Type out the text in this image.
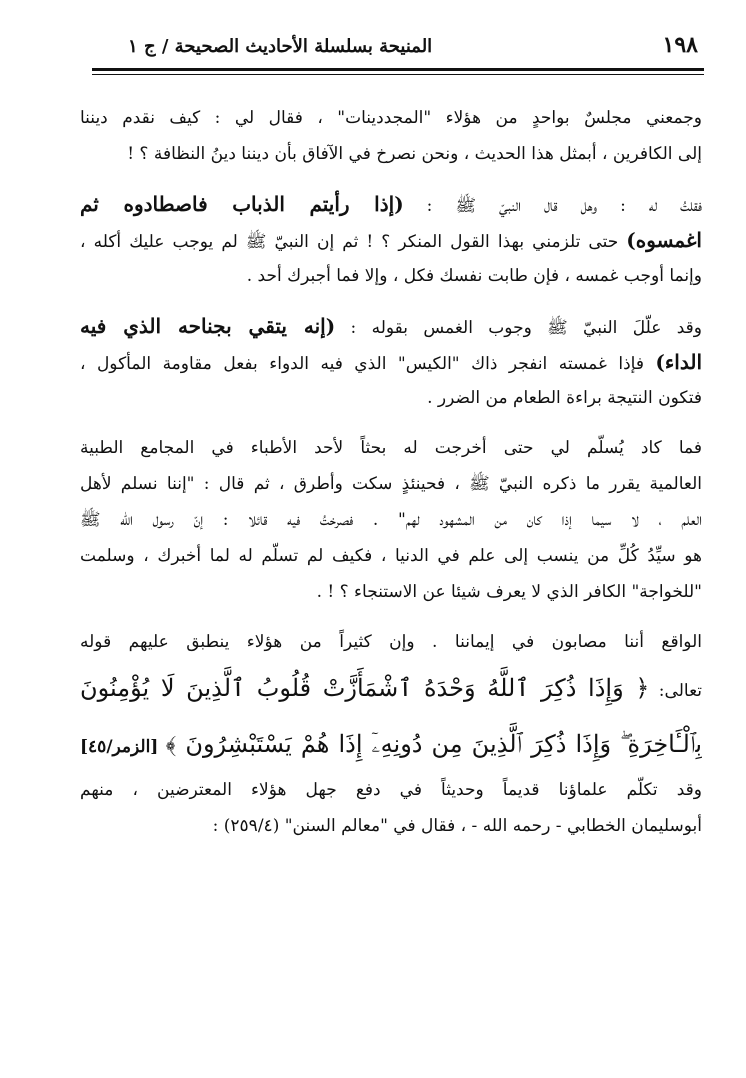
١٩٨
المنيحة بسلسلة الأحاديث الصحيحة / ج ١
وجمعني مجلسٌ بواحدٍ من هؤلاء "المجددينات" ، فقال لي : كيف نقدم ديننا
إلى الكافرين ، أبمثل هذا الحديث ، ونحن نصرخ في الآفاق بأن ديننا دينُ النظافة ؟ !
فقلتُ له : وهل قال النبيّ ﷺ : (إذا رأيتم الذباب فاصطادوه ثم
اغمسوه) حتى تلزمني بهذا القول المنكر ؟ ! ثم إن النبيّ ﷺ لم يوجب عليك أكله ،
وإنما أوجب غمسه ، فإن طابت نفسك فكل ، وإلا فما أجبرك أحد .
وقد علّلَ النبيّ ﷺ وجوب الغمس بقوله : (إنه يتقي بجناحه الذي فيه
الداء) فإذا غمسته انفجر ذاك "الكيس" الذي فيه الدواء بفعل مقاومة المأكول ،
فتكون النتيجة براءة الطعام من الضرر .
فما كاد يُسلّم لي حتى أخرجت له بحثاً لأحد الأطباء في المجامع الطبية
العالمية يقرر ما ذكره النبيّ ﷺ ، فحينئذٍ سكت وأطرق ، ثم قال : "إننا نسلم لأهل
العلم ، لا سيما إذا كان من المشهود لهم" . فصرختُ فيه قائلا : إنّ رسول الله ﷺ
هو سيِّدُ كُلِّ من ينسب إلى علم في الدنيا ، فكيف لم تسلّم له لما أخبرك ، وسلمت
"للخواجة" الكافر الذي لا يعرف شيئا عن الاستنجاء ؟ ! .
الواقع أننا مصابون في إيماننا . وإن كثيراً من هؤلاء ينطبق عليهم قوله
تعالى: ﴿ وَإِذَا ذُكِرَ ٱللَّهُ وَحْدَهُ ٱشْمَأَزَّتْ قُلُوبُ ٱلَّذِينَ لَا يُؤْمِنُونَ
بِٱلْـَٔاخِرَةِ ۖ وَإِذَا ذُكِرَ ٱلَّذِينَ مِن دُونِهِۦٓ إِذَا هُمْ يَسْتَبْشِرُونَ ﴾ [الزمر/٤٥]
وقد تكلّم علماؤنا قديماً وحديثاً في دفع جهل هؤلاء المعترضين ، منهم
أبوسليمان الخطابي - رحمه الله - ، فقال في "معالم السنن" (٢٥٩/٤) :
